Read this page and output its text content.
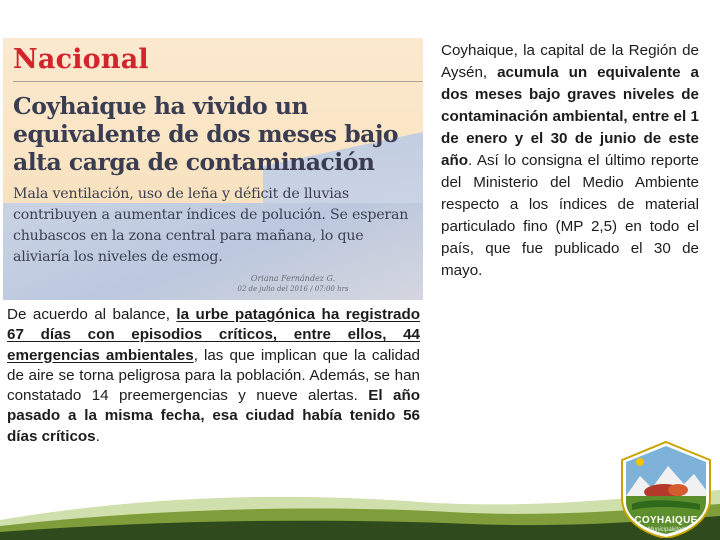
Nacional
Coyhaique ha vivido un equivalente de dos meses bajo alta carga de contaminación
Mala ventilación, uso de leña y déficit de lluvias contribuyen a aumentar índices de polución. Se esperan chubascos en la zona central para mañana, lo que aliviaría los niveles de esmog.
Oriana Fernández G.
02 de julio del 2016 / 07:00 hrs
De acuerdo al balance, la urbe patagónica ha registrado 67 días con episodios críticos, entre ellos, 44 emergencias ambientales, las que implican que la calidad de aire se torna peligrosa para la población. Además, se han constatado 14 preemergencias y nueve alertas. El año pasado a la misma fecha, esa ciudad había tenido 56 días críticos.
Coyhaique, la capital de la Región de Aysén, acumula un equivalente a dos meses bajo graves niveles de contaminación ambiental, entre el 1 de enero y el 30 de junio de este año. Así lo consigna el último reporte del Ministerio del Medio Ambiente respecto a los índices de material particulado fino (MP 2,5) en todo el país, que fue publicado el 30 de mayo.
COYHAIQUE
Municipalidad
